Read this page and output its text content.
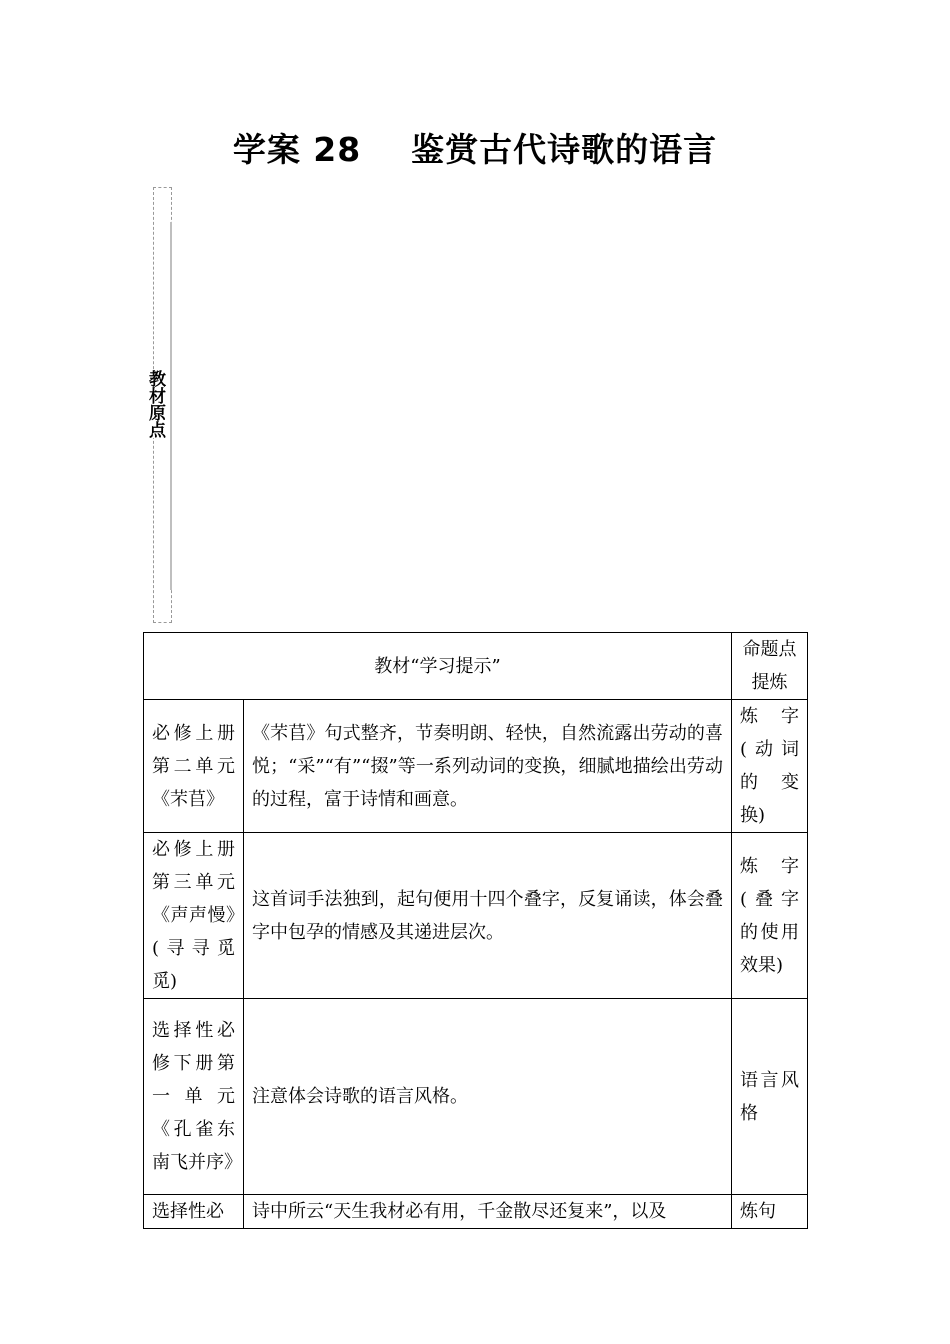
学案 28    鉴赏古代诗歌的语言
教材原点
教材“学习提示”		命题点提炼
必修上册第二单元《芣苢》	《芣苢》句式整齐，节奏明朗、轻快，自然流露出劳动的喜悦；“采”“有”“掇”等一系列动词的变换，细腻地描绘出劳动的过程，富于诗情和画意。	炼字(动词的变换)
必修上册第三单元《声声慢》(寻寻觅觅)	这首词手法独到，起句便用十四个叠字，反复诵读，体会叠字中包孕的情感及其递进层次。	炼字(叠字的使用效果)
选择性必修下册第一单元《孔雀东南飞并序》	注意体会诗歌的语言风格。	语言风格
选择性必	诗中所云“天生我材必有用，千金散尽还复来”，以及	炼句
